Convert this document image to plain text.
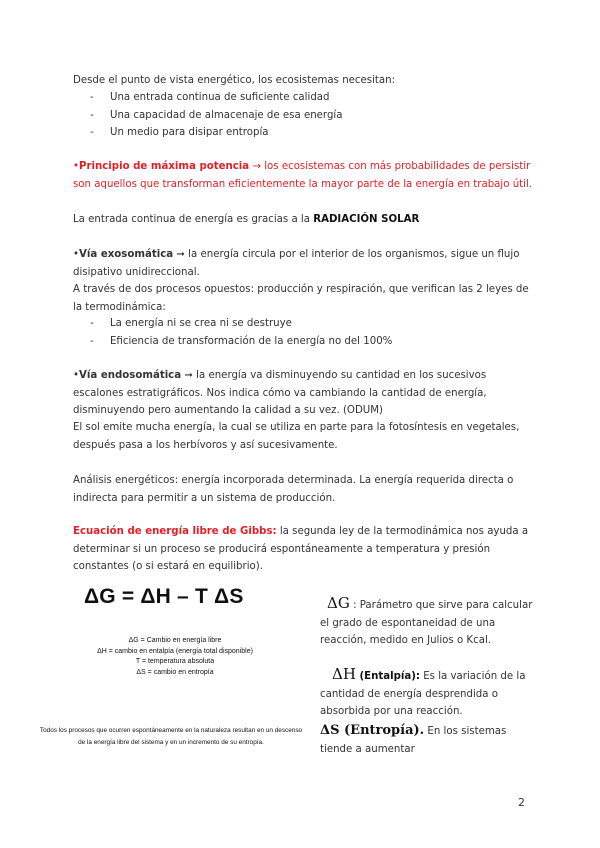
Desde el punto de vista energético, los ecosistemas necesitan:

- Una entrada continua de suficiente calidad
- Una capacidad de almacenaje de esa energía
- Un medio para disipar entropía

•Principio de máxima potencia → los ecosistemas con más probabilidades de persistir son aquellos que transforman eficientemente la mayor parte de la energía en trabajo útil.

La entrada continua de energía es gracias a la RADIACIÓN SOLAR

•Vía exosomática ➞ la energía circula por el interior de los organismos, sigue un flujo disipativo unidireccional.

A través de dos procesos opuestos: producción y respiración, que verifican las 2 leyes de la termodinámica:

- La energía ni se crea ni se destruye
- Eficiencia de transformación de la energía no del 100%

•Vía endosomática ➞ la energía va disminuyendo su cantidad en los sucesivos escalones estratigráficos. Nos indica cómo va cambiando la cantidad de energía, disminuyendo pero aumentando la calidad a su vez. (ODUM)

El sol emite mucha energía, la cual se utiliza en parte para la fotosíntesis en vegetales, después pasa a los herbívoros y así sucesivamente.

Análisis energéticos: energía incorporada determinada. La energía requerida directa o indirecta para permitir a un sistema de producción.

Ecuación de energía libre de Gibbs: la segunda ley de la termodinámica nos ayuda a determinar si un proceso se producirá espontáneamente a temperatura y presión constantes (o si estará en equilibrio).

ΔG = ΔH – T ΔS

ΔG = Cambio en energía libre
ΔH = cambio en entalpía (energía total disponible)
T = temperatura absoluta
ΔS = cambio en entropía

Todos los procesos que ocurren espontáneamente en la naturaleza resultan en un descenso
de la energía libre del sistema y en un incremento de su entropía.

ΔG : Parámetro que sirve para calcular el grado de espontaneidad de una reacción, medido en Julios o Kcal.

ΔH (Entalpía): Es la variación de la cantidad de energía desprendida o absorbida por una reacción.

ΔS (Entropía). En los sistemas tiende a aumentar

2
